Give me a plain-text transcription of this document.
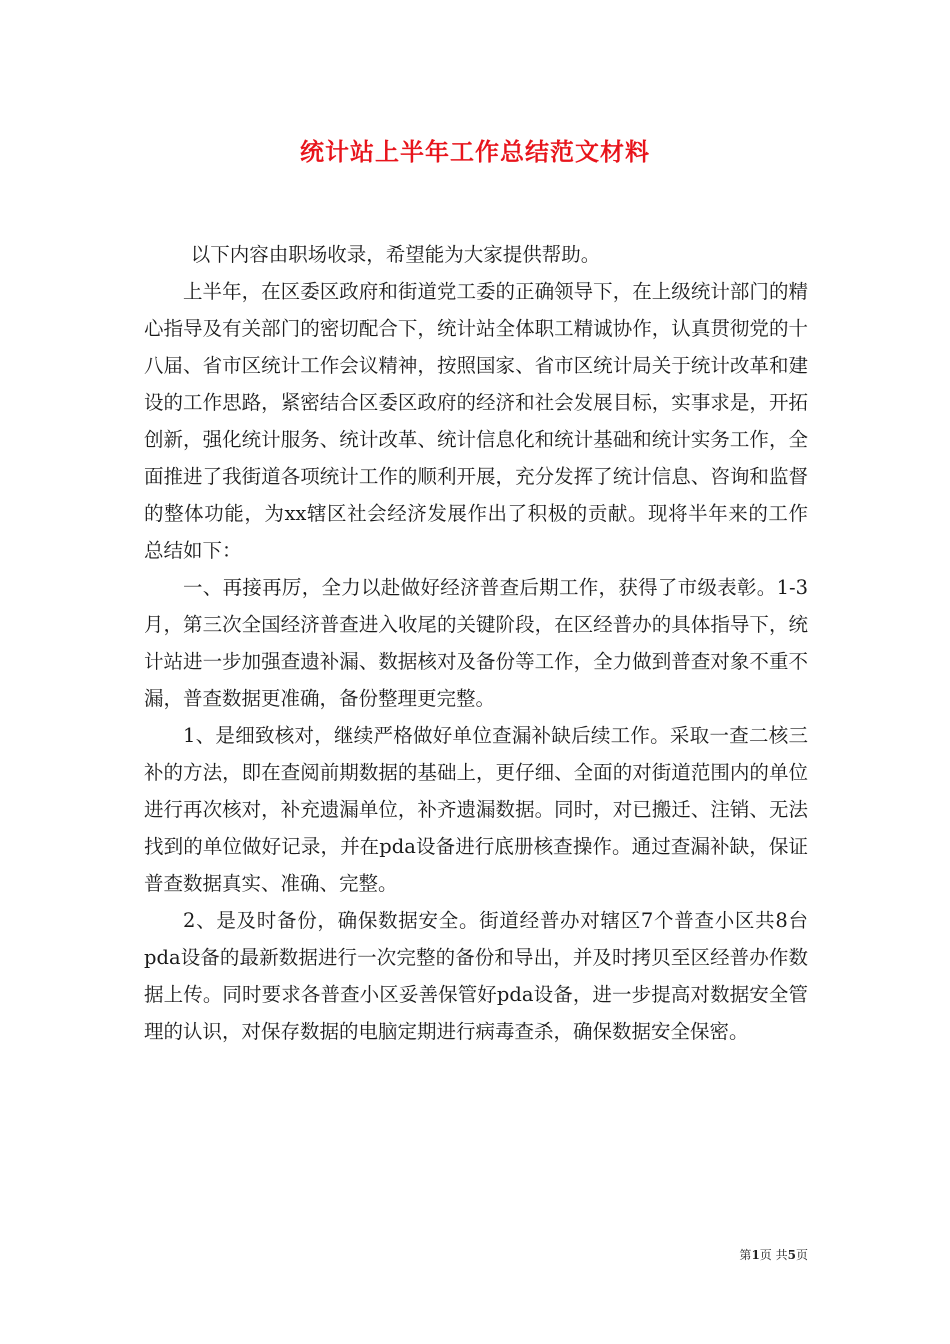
统计站上半年工作总结范文材料

以下内容由职场收录，希望能为大家提供帮助。

上半年，在区委区政府和街道党工委的正确领导下，在上级统计部门的精心指导及有关部门的密切配合下，统计站全体职工精诚协作，认真贯彻党的十八届、省市区统计工作会议精神，按照国家、省市区统计局关于统计改革和建设的工作思路，紧密结合区委区政府的经济和社会发展目标，实事求是，开拓创新，强化统计服务、统计改革、统计信息化和统计基础和统计实务工作，全面推进了我街道各项统计工作的顺利开展，充分发挥了统计信息、咨询和监督的整体功能，为xx辖区社会经济发展作出了积极的贡献。现将半年来的工作总结如下：

一、再接再厉，全力以赴做好经济普查后期工作，获得了市级表彰。1-3月，第三次全国经济普查进入收尾的关键阶段，在区经普办的具体指导下，统计站进一步加强查遗补漏、数据核对及备份等工作，全力做到普查对象不重不漏，普查数据更准确，备份整理更完整。

1、是细致核对，继续严格做好单位查漏补缺后续工作。采取一查二核三补的方法，即在查阅前期数据的基础上，更仔细、全面的对街道范围内的单位进行再次核对，补充遗漏单位，补齐遗漏数据。同时，对已搬迁、注销、无法找到的单位做好记录，并在pda设备进行底册核查操作。通过查漏补缺，保证普查数据真实、准确、完整。

2、是及时备份，确保数据安全。街道经普办对辖区7个普查小区共8台pda设备的最新数据进行一次完整的备份和导出，并及时拷贝至区经普办作数据上传。同时要求各普查小区妥善保管好pda设备，进一步提高对数据安全管理的认识，对保存数据的电脑定期进行病毒查杀，确保数据安全保密。

第1页 共5页
